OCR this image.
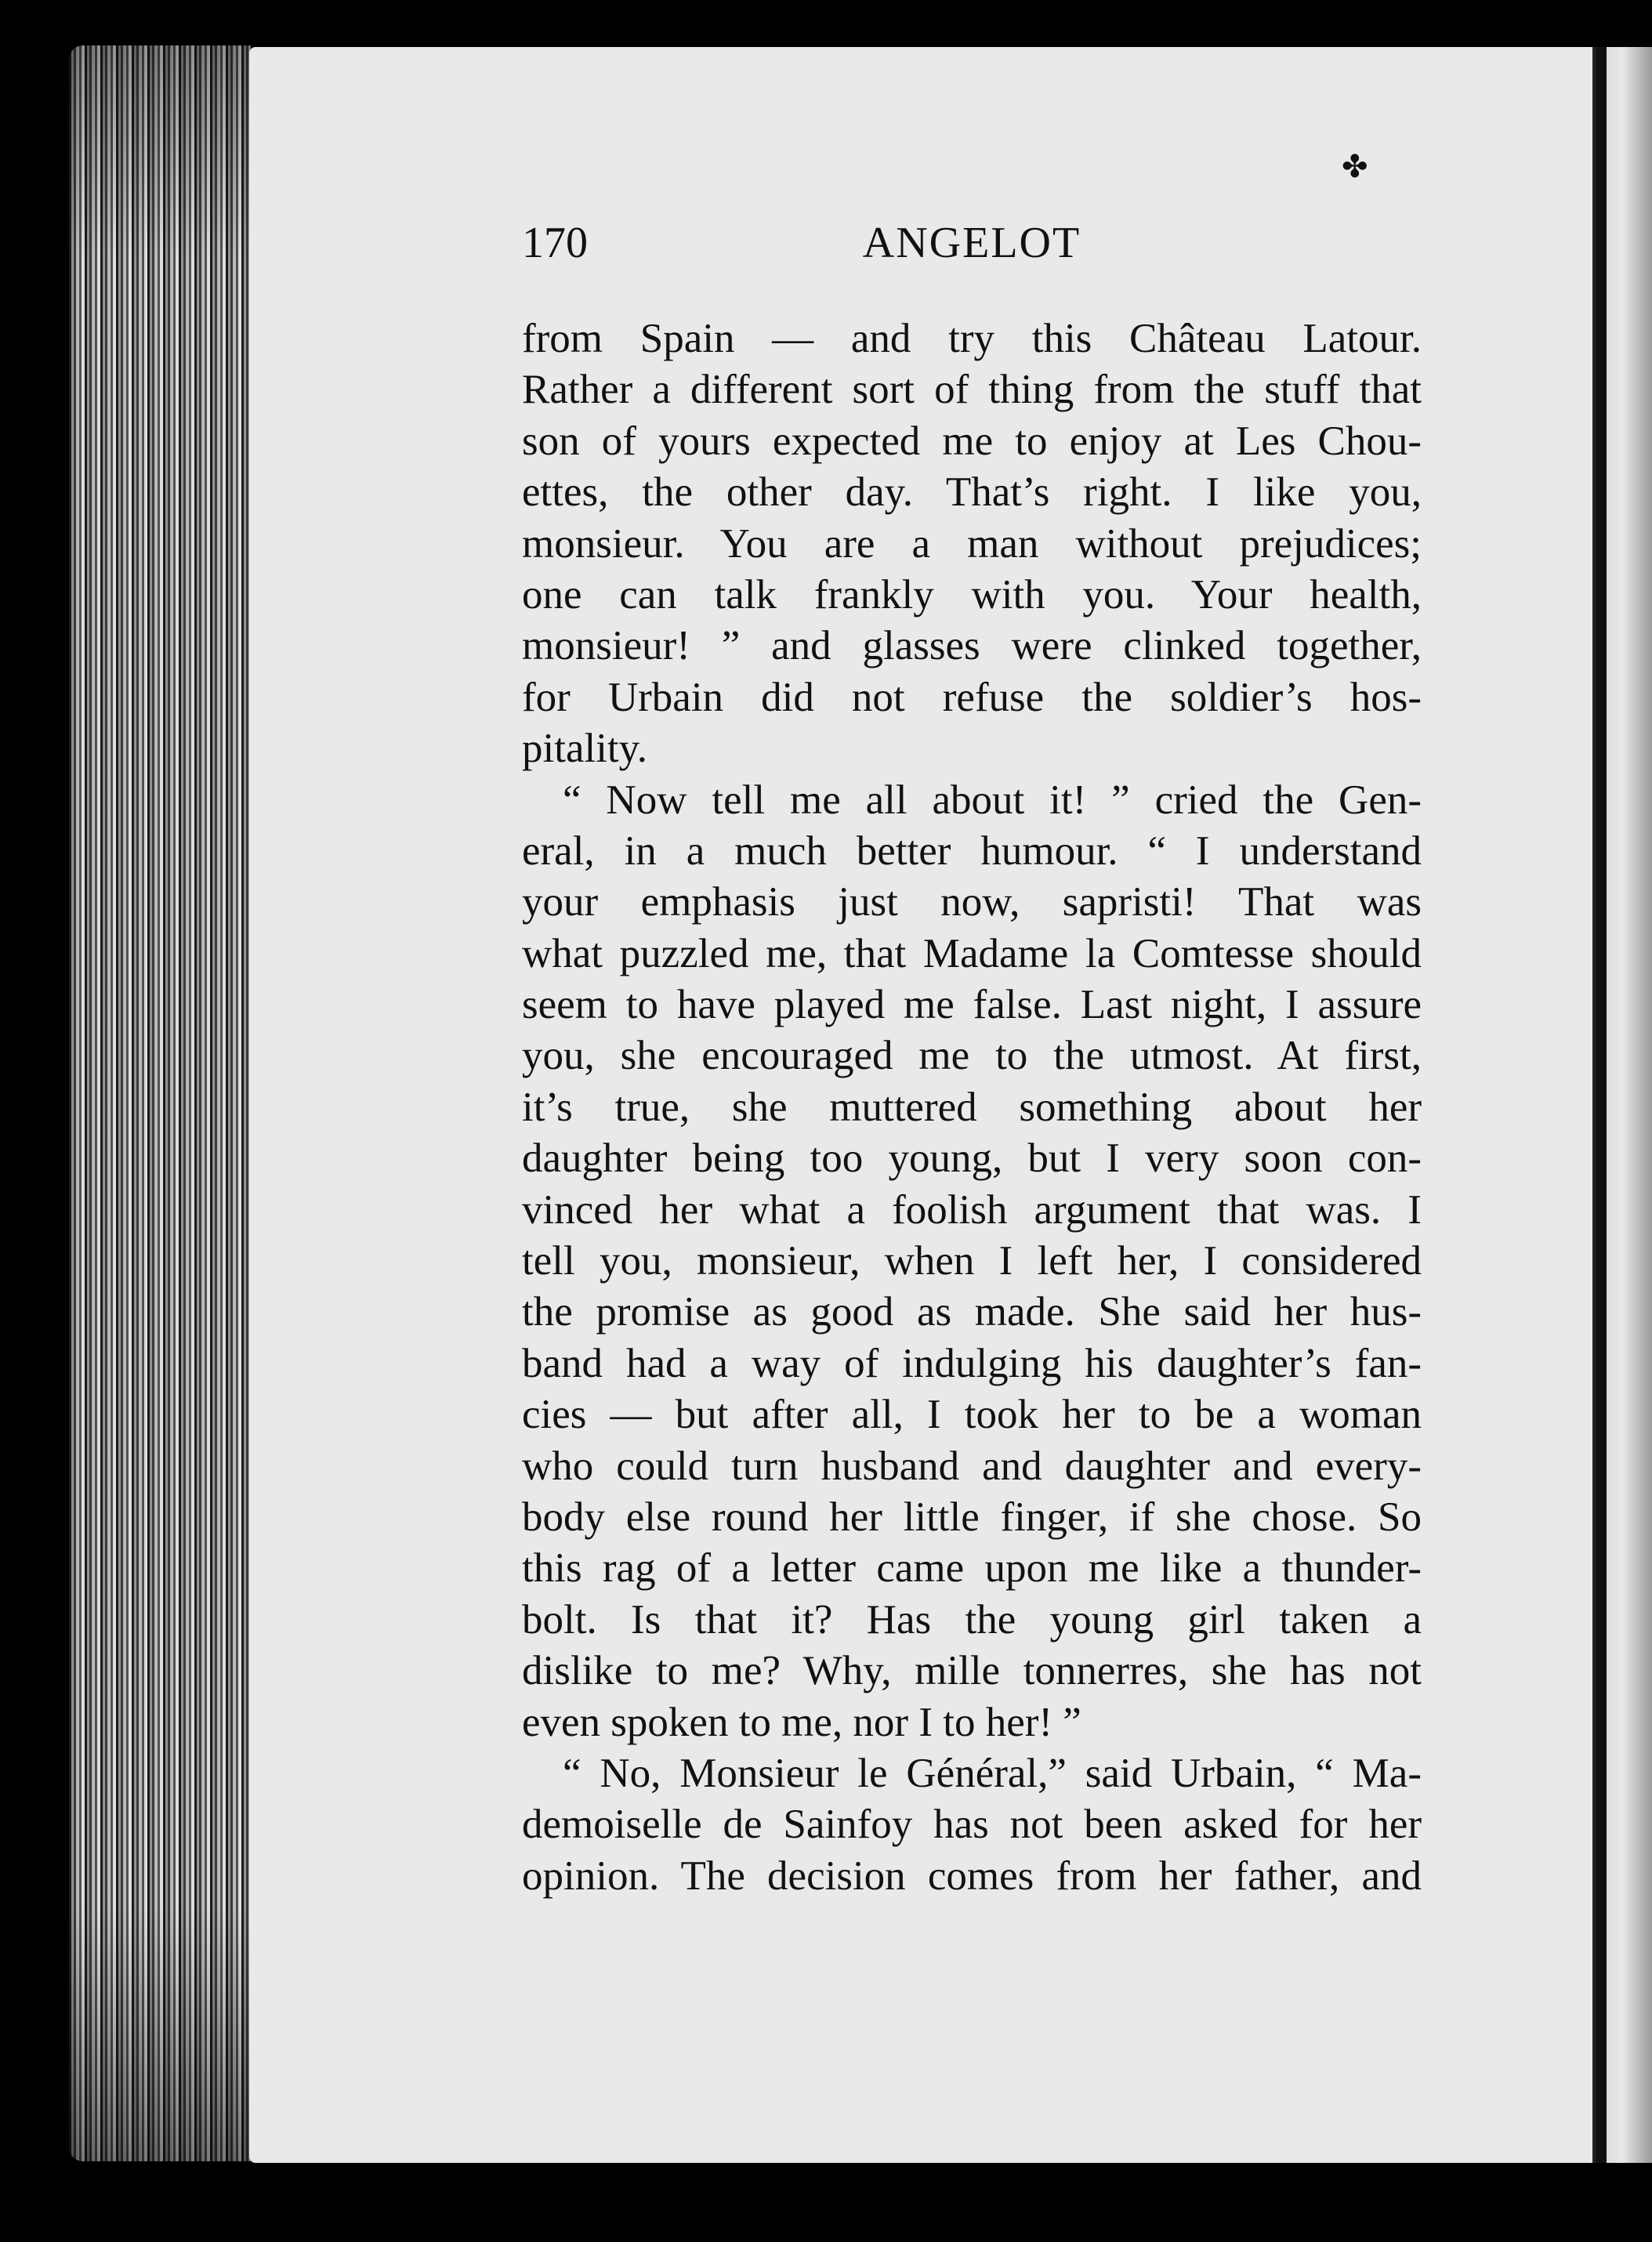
✤
170	ANGELOT
from Spain — and try this Château Latour.
Rather a different sort of thing from the stuff that
son of yours expected me to enjoy at Les Chou-
ettes, the other day. That’s right. I like you,
monsieur. You are a man without prejudices;
one can talk frankly with you. Your health,
monsieur! ” and glasses were clinked together,
for Urbain did not refuse the soldier’s hos-
pitality.
“ Now tell me all about it! ” cried the Gen-
eral, in a much better humour. “ I understand
your emphasis just now, sapristi! That was
what puzzled me, that Madame la Comtesse should
seem to have played me false. Last night, I assure
you, she encouraged me to the utmost. At first,
it’s true, she muttered something about her
daughter being too young, but I very soon con-
vinced her what a foolish argument that was. I
tell you, monsieur, when I left her, I considered
the promise as good as made. She said her hus-
band had a way of indulging his daughter’s fan-
cies — but after all, I took her to be a woman
who could turn husband and daughter and every-
body else round her little finger, if she chose. So
this rag of a letter came upon me like a thunder-
bolt. Is that it? Has the young girl taken a
dislike to me? Why, mille tonnerres, she has not
even spoken to me, nor I to her! ”
“ No, Monsieur le Général,” said Urbain, “ Ma-
demoiselle de Sainfoy has not been asked for her
opinion. The decision comes from her father, and
